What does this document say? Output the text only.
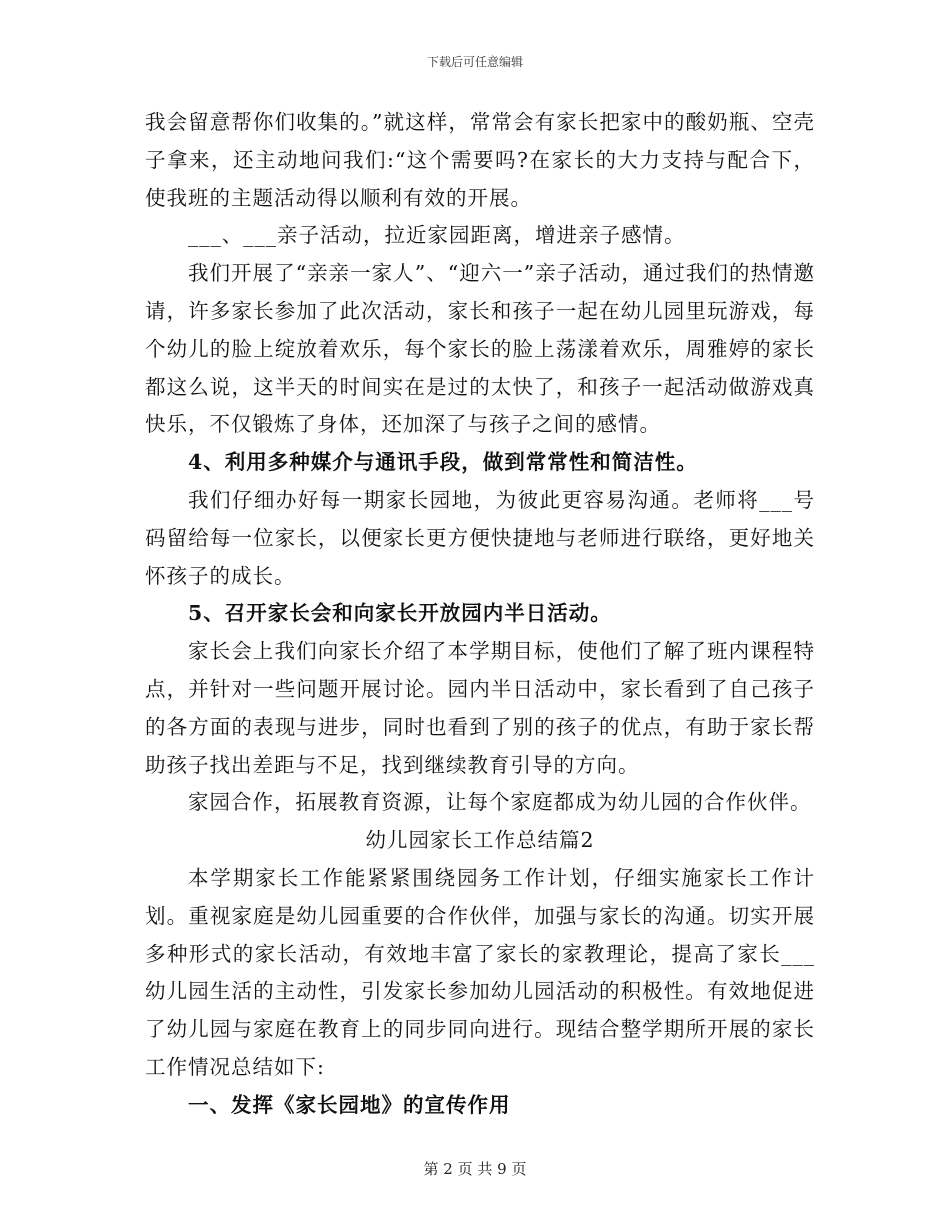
下载后可任意编辑

我会留意帮你们收集的。”就这样，常常会有家长把家中的酸奶瓶、空壳子拿来，还主动地问我们:“这个需要吗?在家长的大力支持与配合下，使我班的主题活动得以顺利有效的开展。

___、___亲子活动，拉近家园距离，增进亲子感情。

我们开展了“亲亲一家人”、“迎六一”亲子活动，通过我们的热情邀请，许多家长参加了此次活动，家长和孩子一起在幼儿园里玩游戏，每个幼儿的脸上绽放着欢乐，每个家长的脸上荡漾着欢乐，周雅婷的家长都这么说，这半天的时间实在是过的太快了，和孩子一起活动做游戏真快乐，不仅锻炼了身体，还加深了与孩子之间的感情。

4、利用多种媒介与通讯手段，做到常常性和简洁性。

我们仔细办好每一期家长园地，为彼此更容易沟通。老师将___号码留给每一位家长，以便家长更方便快捷地与老师进行联络，更好地关怀孩子的成长。

5、召开家长会和向家长开放园内半日活动。

家长会上我们向家长介绍了本学期目标，使他们了解了班内课程特点，并针对一些问题开展讨论。园内半日活动中，家长看到了自己孩子的各方面的表现与进步，同时也看到了别的孩子的优点，有助于家长帮助孩子找出差距与不足，找到继续教育引导的方向。

家园合作，拓展教育资源，让每个家庭都成为幼儿园的合作伙伴。

幼儿园家长工作总结篇2

本学期家长工作能紧紧围绕园务工作计划，仔细实施家长工作计划。重视家庭是幼儿园重要的合作伙伴，加强与家长的沟通。切实开展多种形式的家长活动，有效地丰富了家长的家教理论，提高了家长___幼儿园生活的主动性，引发家长参加幼儿园活动的积极性。有效地促进了幼儿园与家庭在教育上的同步同向进行。现结合整学期所开展的家长工作情况总结如下:

一、发挥《家长园地》的宣传作用

第 2 页 共 9 页
